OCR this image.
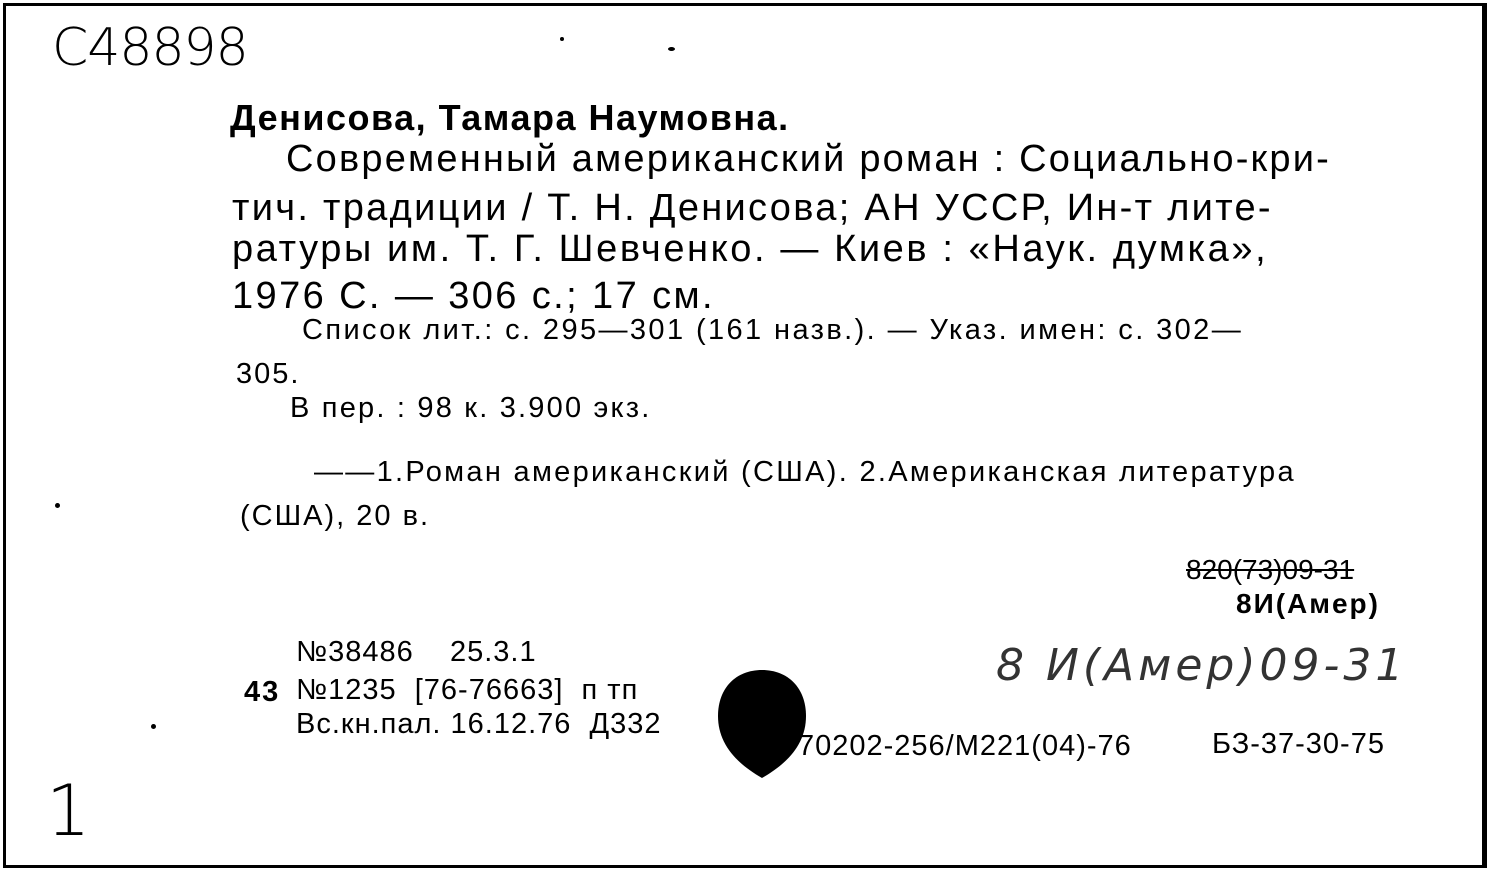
С48898
Денисова, Тамара Наумовна.
Современный американский роман : Социально-кри-
тич. традиции / Т. Н. Денисова; АН УССР, Ин-т лите-
ратуры им. Т. Г. Шевченко. — Киев : «Наук. думка»,
1976 С. — 306 с.; 17 см.
Список лит.: с. 295—301 (161 назв.). — Указ. имен: с. 302—
305.
В пер. : 98 к. 3.900 экз.
——1.Роман американский (США). 2.Американская литература
(США), 20 в.
820(73)09-31
8И(Амер)
№38486    25.3.1
43 №1235  [76-76663]  п тп
Вс.кн.пал. 16.12.76  Д332
8 И(Амер)09-31
70202-256/М221(04)-76	БЗ-37-30-75
1
